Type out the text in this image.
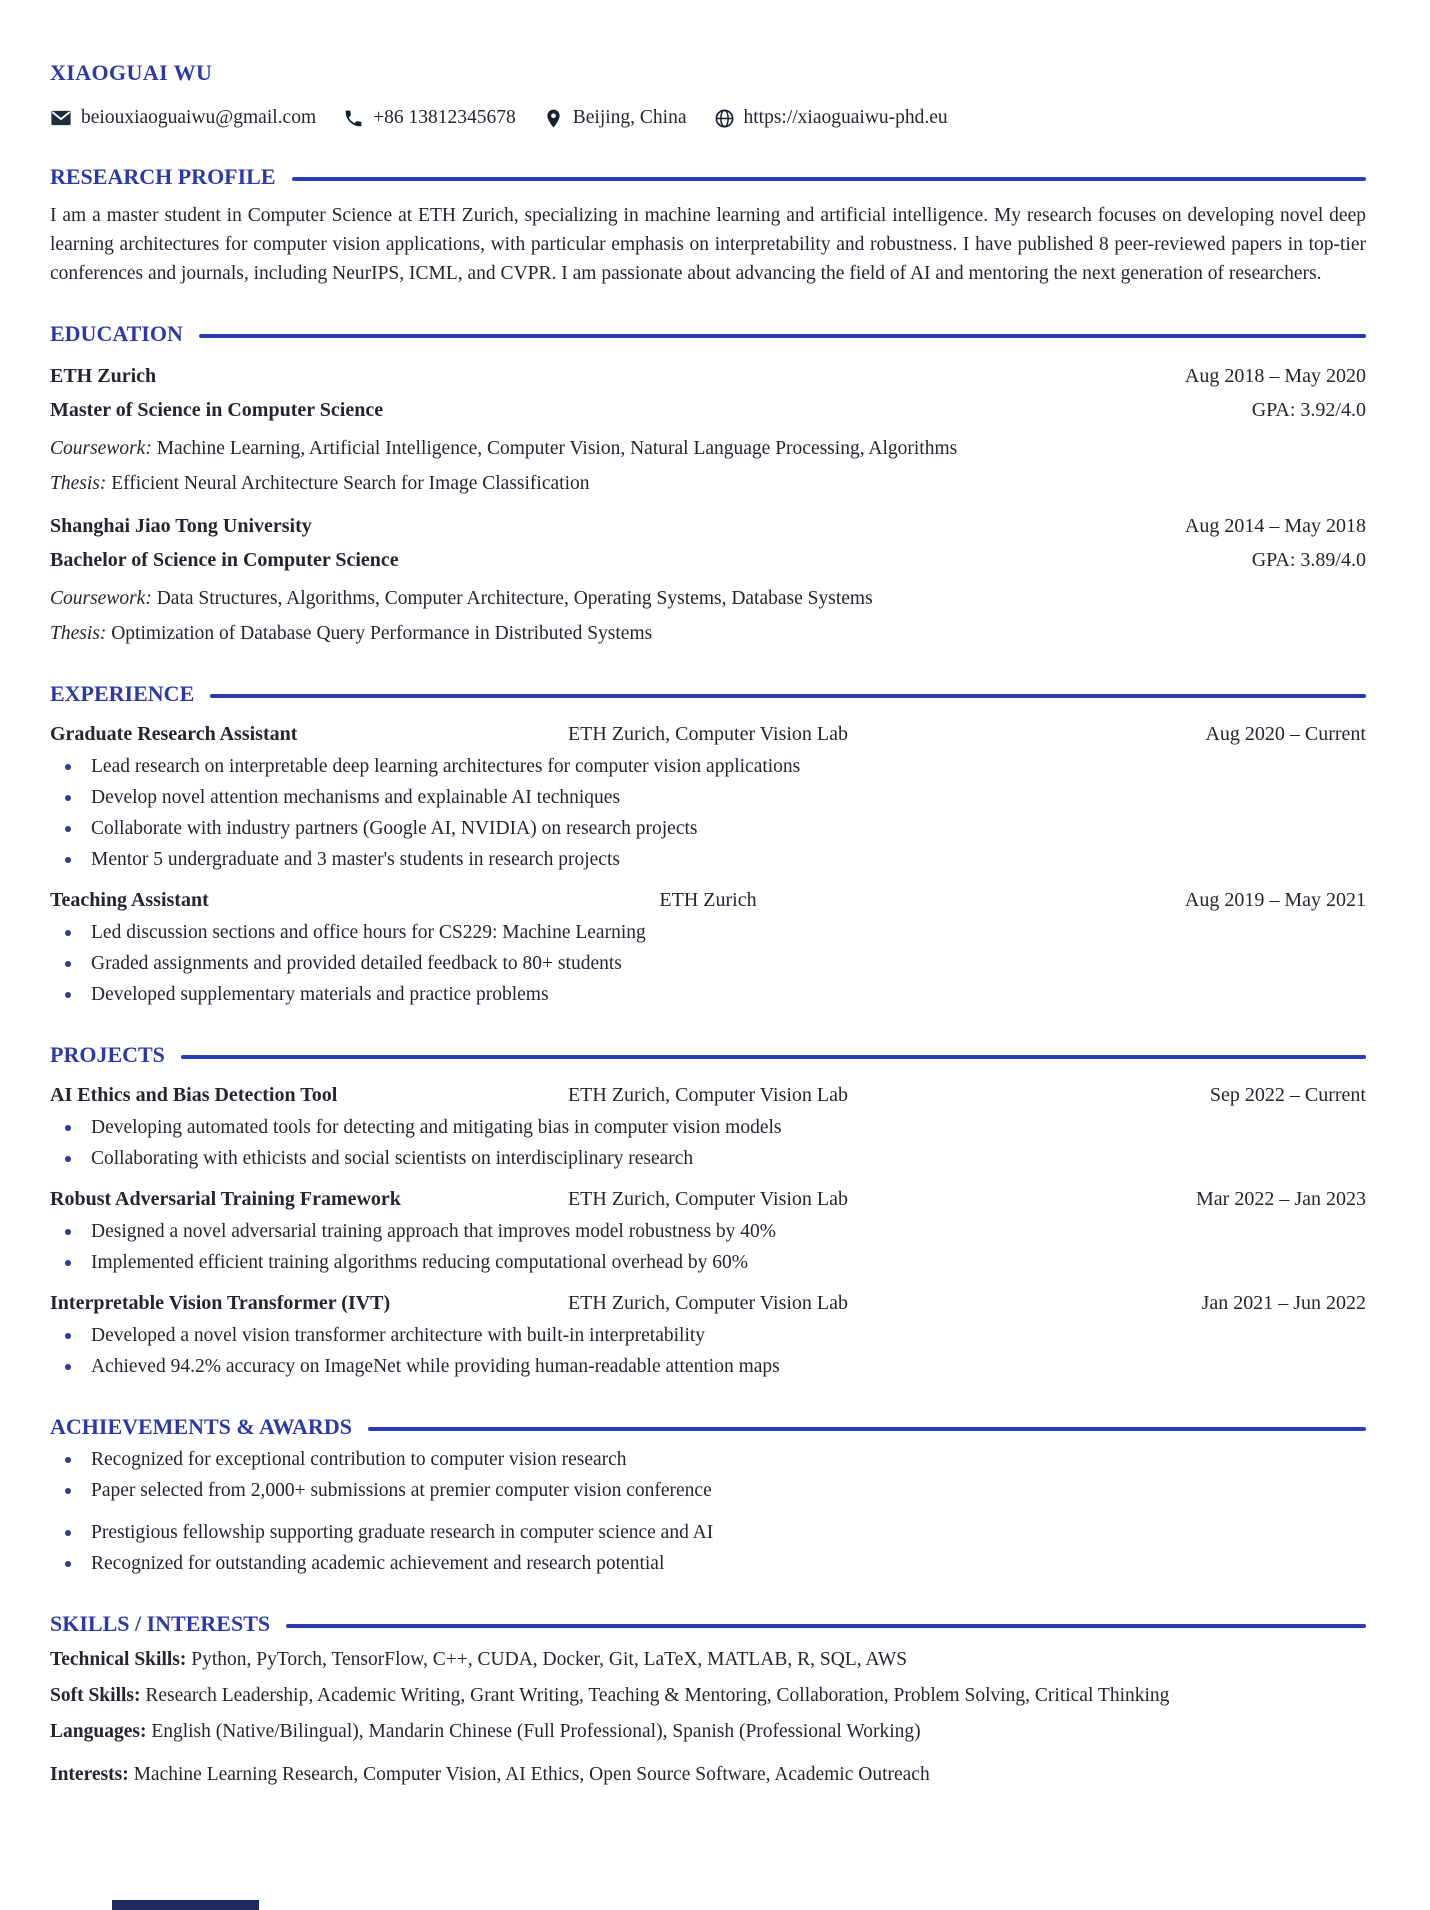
XIAOGUAI WU
beiouxiaoguaiwu@gmail.com	+86 13812345678	Beijing, China	https://xiaoguaiwu-phd.eu
RESEARCH PROFILE
I am a master student in Computer Science at ETH Zurich, specializing in machine learning and artificial intelligence. My research focuses on developing novel deep learning architectures for computer vision applications, with particular emphasis on interpretability and robustness. I have published 8 peer-reviewed papers in top-tier conferences and journals, including NeurIPS, ICML, and CVPR. I am passionate about advancing the field of AI and mentoring the next generation of researchers.
EDUCATION
ETH Zurich	Aug 2018 – May 2020
Master of Science in Computer Science	GPA: 3.92/4.0
Coursework: Machine Learning, Artificial Intelligence, Computer Vision, Natural Language Processing, Algorithms
Thesis: Efficient Neural Architecture Search for Image Classification
Shanghai Jiao Tong University	Aug 2014 – May 2018
Bachelor of Science in Computer Science	GPA: 3.89/4.0
Coursework: Data Structures, Algorithms, Computer Architecture, Operating Systems, Database Systems
Thesis: Optimization of Database Query Performance in Distributed Systems
EXPERIENCE
Graduate Research Assistant	ETH Zurich, Computer Vision Lab	Aug 2020 – Current
Lead research on interpretable deep learning architectures for computer vision applications
Develop novel attention mechanisms and explainable AI techniques
Collaborate with industry partners (Google AI, NVIDIA) on research projects
Mentor 5 undergraduate and 3 master's students in research projects
Teaching Assistant	ETH Zurich	Aug 2019 – May 2021
Led discussion sections and office hours for CS229: Machine Learning
Graded assignments and provided detailed feedback to 80+ students
Developed supplementary materials and practice problems
PROJECTS
AI Ethics and Bias Detection Tool	ETH Zurich, Computer Vision Lab	Sep 2022 – Current
Developing automated tools for detecting and mitigating bias in computer vision models
Collaborating with ethicists and social scientists on interdisciplinary research
Robust Adversarial Training Framework	ETH Zurich, Computer Vision Lab	Mar 2022 – Jan 2023
Designed a novel adversarial training approach that improves model robustness by 40%
Implemented efficient training algorithms reducing computational overhead by 60%
Interpretable Vision Transformer (IVT)	ETH Zurich, Computer Vision Lab	Jan 2021 – Jun 2022
Developed a novel vision transformer architecture with built-in interpretability
Achieved 94.2% accuracy on ImageNet while providing human-readable attention maps
ACHIEVEMENTS & AWARDS
Recognized for exceptional contribution to computer vision research
Paper selected from 2,000+ submissions at premier computer vision conference
Prestigious fellowship supporting graduate research in computer science and AI
Recognized for outstanding academic achievement and research potential
SKILLS / INTERESTS
Technical Skills: Python, PyTorch, TensorFlow, C++, CUDA, Docker, Git, LaTeX, MATLAB, R, SQL, AWS
Soft Skills: Research Leadership, Academic Writing, Grant Writing, Teaching & Mentoring, Collaboration, Problem Solving, Critical Thinking
Languages: English (Native/Bilingual), Mandarin Chinese (Full Professional), Spanish (Professional Working)
Interests: Machine Learning Research, Computer Vision, AI Ethics, Open Source Software, Academic Outreach
